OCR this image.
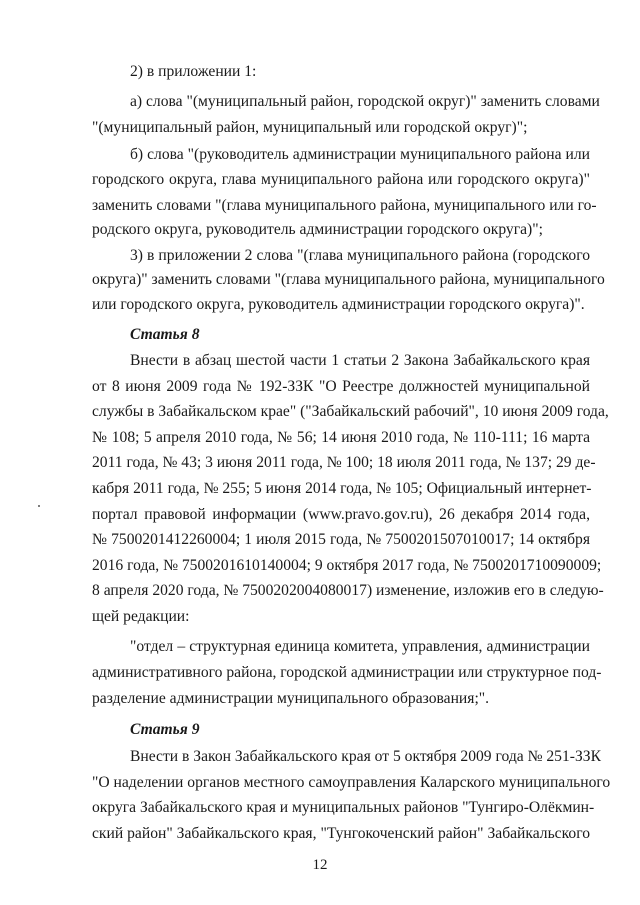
2) в приложении 1:
а) слова "(муниципальный район, городской округ)" заменить словами
"(муниципальный район, муниципальный или городской округ)";
б) слова "(руководитель администрации муниципального района или
городского округа, глава муниципального района или городского округа)"
заменить словами "(глава муниципального района, муниципального или го-
родского округа, руководитель администрации городского округа)";
3) в приложении 2 слова "(глава муниципального района (городского
округа)" заменить словами "(глава муниципального района, муниципального
или городского округа, руководитель администрации городского округа)".
Статья 8
Внести в абзац шестой части 1 статьи 2 Закона Забайкальского края
от 8 июня 2009 года № 192-ЗЗК "О Реестре должностей муниципальной
службы в Забайкальском крае" ("Забайкальский рабочий", 10 июня 2009 года,
№ 108; 5 апреля 2010 года, № 56; 14 июня 2010 года, № 110-111; 16 марта
2011 года, № 43; 3 июня 2011 года, № 100; 18 июля 2011 года, № 137; 29 де-
кабря 2011 года, № 255; 5 июня 2014 года, № 105; Официальный интернет-
портал правовой информации (www.pravo.gov.ru), 26 декабря 2014 года,
№ 7500201412260004; 1 июля 2015 года, № 7500201507010017; 14 октября
2016 года, № 7500201610140004; 9 октября 2017 года, № 7500201710090009;
8 апреля 2020 года, № 7500202004080017) изменение, изложив его в следую-
щей редакции:
"отдел – структурная единица комитета, управления, администрации
административного района, городской администрации или структурное под-
разделение администрации муниципального образования;".
Статья 9
Внести в Закон Забайкальского края от 5 октября 2009 года № 251-ЗЗК
"О наделении органов местного самоуправления Каларского муниципального
округа Забайкальского края и муниципальных районов "Тунгиро-Олёкмин-
ский район" Забайкальского края, "Тунгокоченский район" Забайкальского
12
